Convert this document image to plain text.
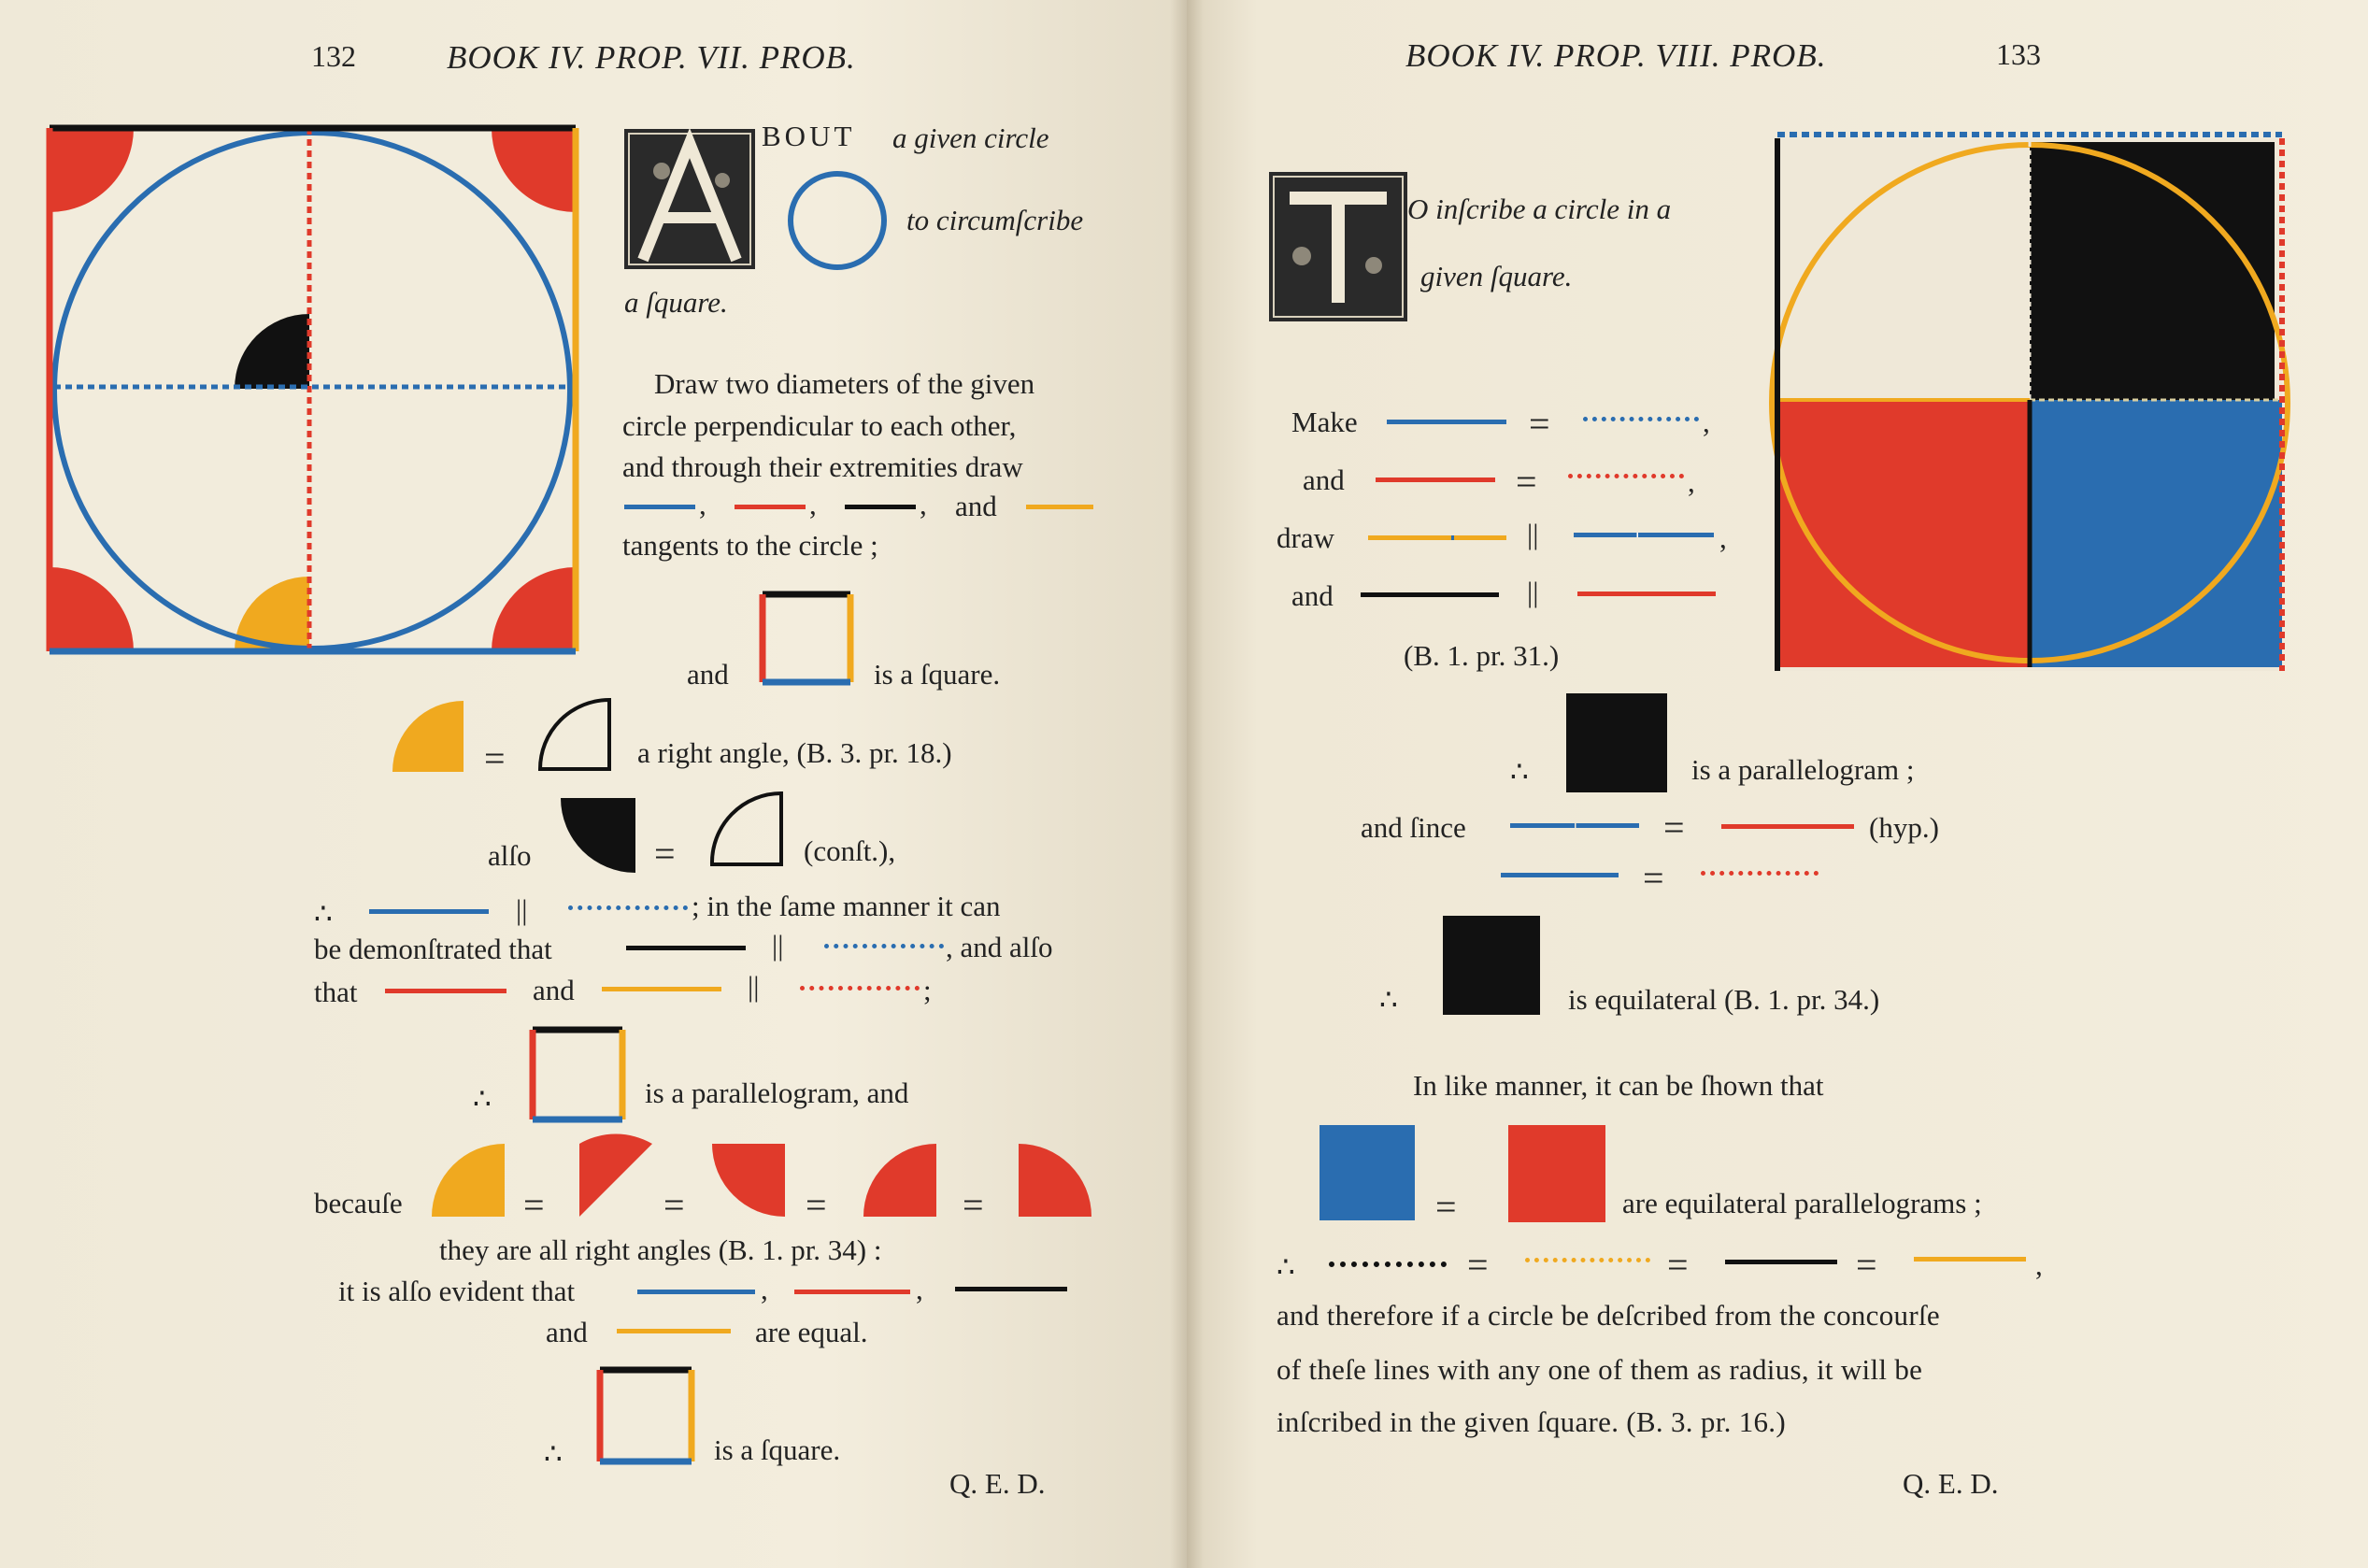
132	BOOK IV. PROP. VII. PROB.
BOUT a given circle
to circumſcribe
a ſquare.
Draw two diameters of the given
circle perpendicular to each other,
and through their extremities draw
,	,	, and
tangents to the circle ;
and	is a ſquare.
=	a right angle, (B. 3. pr. 18.)
alſo	=	(conſt.),
∴	||	; in the ſame manner it can
be demonſtrated that	||	, and alſo
that	and	||	;
∴	is a parallelogram, and
becauſe	=	=	=	=
they are all right angles (B. 1. pr. 34) :
it is alſo evident that	,	,
and	are equal.
∴	is a ſquare.
Q. E. D.
BOOK IV. PROP. VIII. PROB.	133
O inſcribe a circle in a
given ſquare.
Make	=	,
and	=	,
draw	||	,
and	||
(B. 1. pr. 31.)
∴	is a parallelogram ;
and ſince	=	(hyp.)
=
∴	is equilateral (B. 1. pr. 34.)
In like manner, it can be ſhown that
=	are equilateral parallelograms ;
∴	=	=	=	,
and therefore if a circle be deſcribed from the concourſe
of theſe lines with any one of them as radius, it will be
inſcribed in the given ſquare. (B. 3. pr. 16.)
Q. E. D.
